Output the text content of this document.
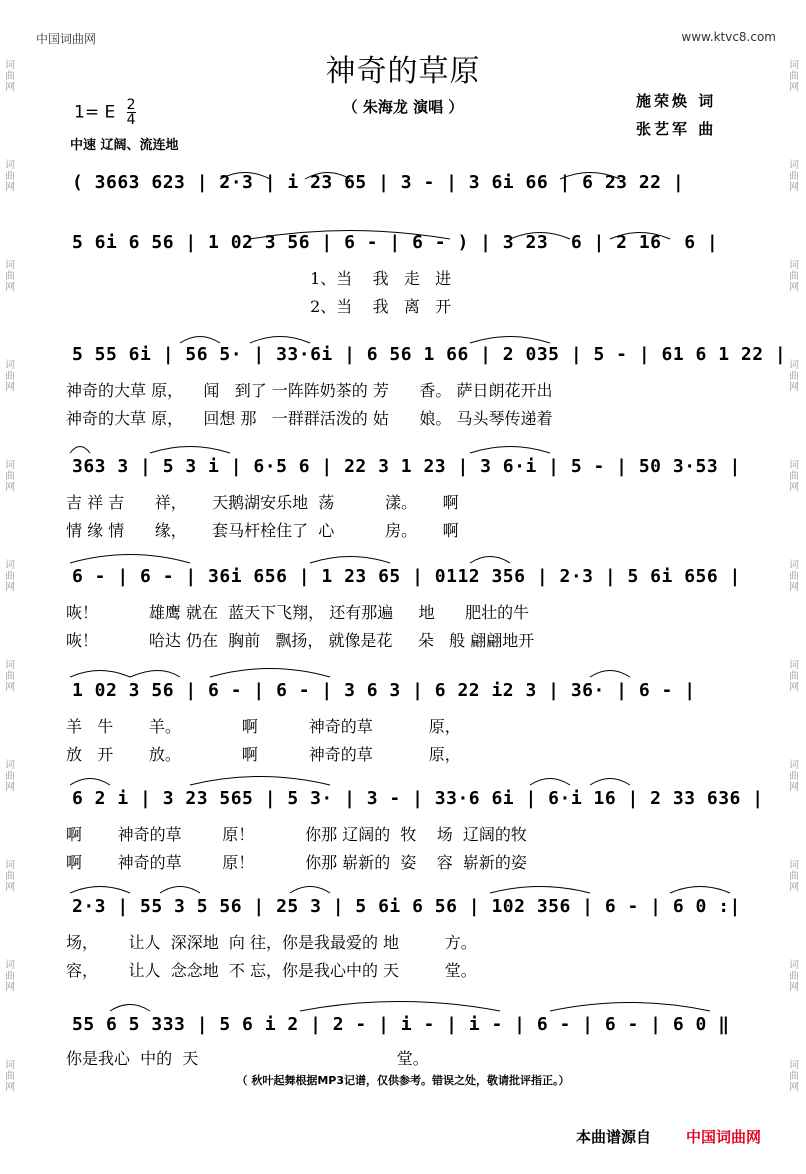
中国词曲网	www.ktvc8.com
神奇的草原
（ 朱海龙 演唱 ）	施荣焕 词
张艺军 曲
1= E $\frac{2}{4}$
中速 辽阔、流连地
词
曲
网
词
曲
网
词
曲
网
词
曲
网
词
曲
网
词
曲
网
词
曲
网
词
曲
网
词
曲
网
词
曲
网
词
曲
网
词
曲
网
词
曲
网
词
曲
网
词
曲
网
词
曲
网
词
曲
网
词
曲
网
词
曲
网
词
曲
网
词
曲
网
词
曲
网
( 3663 623 | 2·3 | i 23 65 | 3 - | 3 6i 66 | 6 23 22 |
5 6i 6 56 | 1 02 3 56 | 6 - | 6 - ) | 3 23  6 | 2 16  6 |
1、当    我   走   进
2、当    我   离   开
5 55 6i | 56 5· | 33·6i | 6 56 1 66 | 2 035 | 5 - | 61 6 1 22 |
神奇的大草 原，    闻   到了 一阵阵奶茶的 芳      香。 萨日朗花开出
神奇的大草 原，    回想 那   一群群活泼的 姑      娘。 马头琴传递着
363 3 | 5 3 i | 6·5 6 | 22 3 1 23 | 3 6·i | 5 - | 50 3·53 |
吉 祥 吉      祥，     天鹅湖安乐地  荡          漾。     啊
情 缘 情      缘，     套马杆栓住了  心          房。     啊
6 - | 6 - | 36i 656 | 1 23 65 | 0112 356 | 2·3 | 5 6i 656 |
咴！          雄鹰 就在  蓝天下飞翔， 还有那遍     地      肥壮的牛
咴！          哈达 仍在  胸前   飘扬， 就像是花     朵   般 翩翩地开
1 02 3 56 | 6 - | 6 - | 3 6 3 | 6 22 i2 3 | 36· | 6 - |
羊   牛       羊。            啊          神奇的草           原，
放   开       放。            啊          神奇的草           原，
6 2 i | 3 23 565 | 5 3· | 3 - | 33·6 6i | 6·i 16 | 2 33 636 |
啊       神奇的草        原！          你那 辽阔的  牧    场  辽阔的牧
啊       神奇的草        原！          你那 崭新的  姿    容  崭新的姿
2·3 | 55 3 5 56 | 25 3 | 5 6i 6 56 | 102 356 | 6 - | 6 0 :|
场，      让人  深深地  向 往，你是我最爱的 地         方。
容，      让人  念念地  不 忘，你是我心中的 天         堂。
55 6 5 333 | 5 6 i 2 | 2 - | i - | i - | 6 - | 6 - | 6 0 ‖
你是我心  中的  天                                       堂。
（ 秋叶起舞根据MP3记谱，仅供参考。错误之处，敬请批评指正。）
本曲谱源自 中国词曲网
